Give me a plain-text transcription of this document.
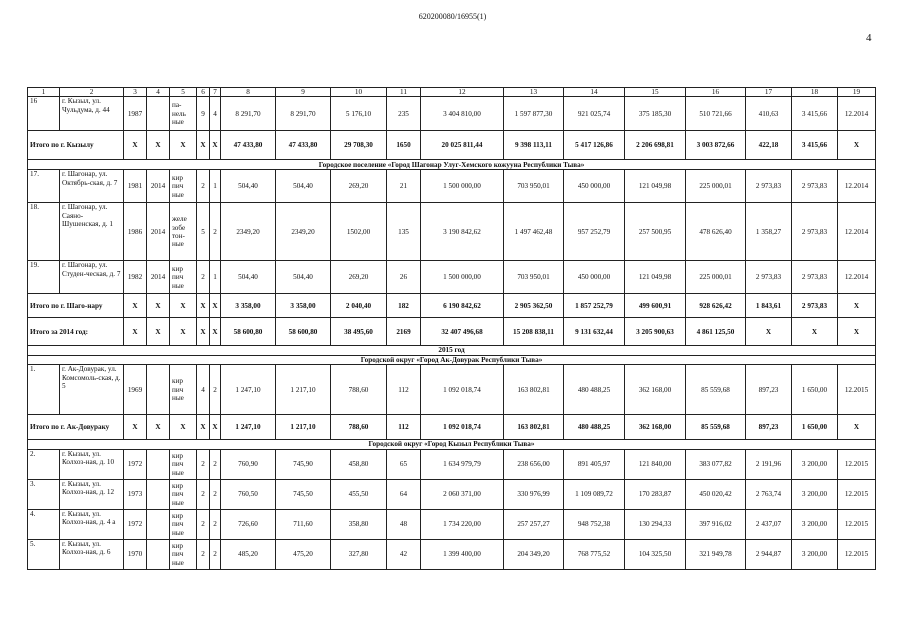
620200080/16955(1)
4
1	2	3	4	5	6	7	8	9	10	11	12	13	14	15	16	17	18	19
16	г. Кызыл, ул. Чульдума, д. 44	1987		па-нель ные	9	4	8 291,70	8 291,70	5 176,10	235	3 404 810,00	1 597 877,30	921 025,74	375 185,30	510 721,66	410,63	3 415,66	12.2014
Итого по г. Кызылу		X	X	X	X	X	47 433,80	47 433,80	29 708,30	1650	20 025 811,44	9 398 113,11	5 417 126,86	2 206 698,81	3 003 872,66	422,18	3 415,66	X
Городское поселение «Город Шагонар Улуг-Хемского кожууна Республики Тыва»																		
17.	г. Шагонар, ул. Октябрь-ская, д. 7	1981	2014	кир пич ные	2	1	504,40	504,40	269,20	21	1 500 000,00	703 950,01	450 000,00	121 049,98	225 000,01	2 973,83	2 973,83	12.2014
18.	г. Шагонар, ул. Саяно-Шушенская, д. 1	1986	2014	желе зобе тон-ные	5	2	2349,20	2349,20	1502,00	135	3 190 842,62	1 497 462,48	957 252,79	257 500,95	478 626,40	1 358,27	2 973,83	12.2014
19.	г. Шагонар, ул. Студен-ческая, д. 7	1982	2014	кир пич ные	2	1	504,40	504,40	269,20	26	1 500 000,00	703 950,01	450 000,00	121 049,98	225 000,01	2 973,83	2 973,83	12.2014
Итого по г. Шаго-нару		X	X	X	X	X	3 358,00	3 358,00	2 040,40	182	6 190 842,62	2 905 362,50	1 857 252,79	499 600,91	928 626,42	1 843,61	2 973,83	X
Итого за 2014 год:		X	X	X	X	X	58 600,80	58 600,80	38 495,60	2169	32 407 496,68	15 208 838,11	9 131 632,44	3 205 900,63	4 861 125,50	X	X	X
2015 год																		
Городской округ «Город Ак-Довурак Республики Тыва»																		
1.	г. Ак-Довурак, ул. Комсомоль-ская, д. 5	1969		кир пич ные	4	2	1 247,10	1 217,10	788,60	112	1 092 018,74	163 802,81	480 488,25	362 168,00	85 559,68	897,23	1 650,00	12.2015
Итого по г. Ак-Довураку		X	X	X	X	X	1 247,10	1 217,10	788,60	112	1 092 018,74	163 802,81	480 488,25	362 168,00	85 559,68	897,23	1 650,00	X
Городской округ «Город Кызыл Республики Тыва»																		
2.	г. Кызыл, ул. Колхоз-ная, д. 10	1972		кир пич ные	2	2	760,90	745,90	458,80	65	1 634 979,79	238 656,00	891 405,97	121 840,00	383 077,82	2 191,96	3 200,00	12.2015
3.	г. Кызыл, ул. Колхоз-ная, д. 12	1973		кир пич ные	2	2	760,50	745,50	455,50	64	2 060 371,00	330 976,99	1 109 089,72	170 283,87	450 020,42	2 763,74	3 200,00	12.2015
4.	г. Кызыл, ул. Колхоз-ная, д. 4 а	1972		кир пич ные	2	2	726,60	711,60	358,80	48	1 734 220,00	257 257,27	948 752,38	130 294,33	397 916,02	2 437,07	3 200,00	12.2015
5.	г. Кызыл, ул. Колхоз-ная, д. 6	1970		кир пич ные	2	2	485,20	475,20	327,80	42	1 399 400,00	204 349,20	768 775,52	104 325,50	321 949,78	2 944,87	3 200,00	12.2015
